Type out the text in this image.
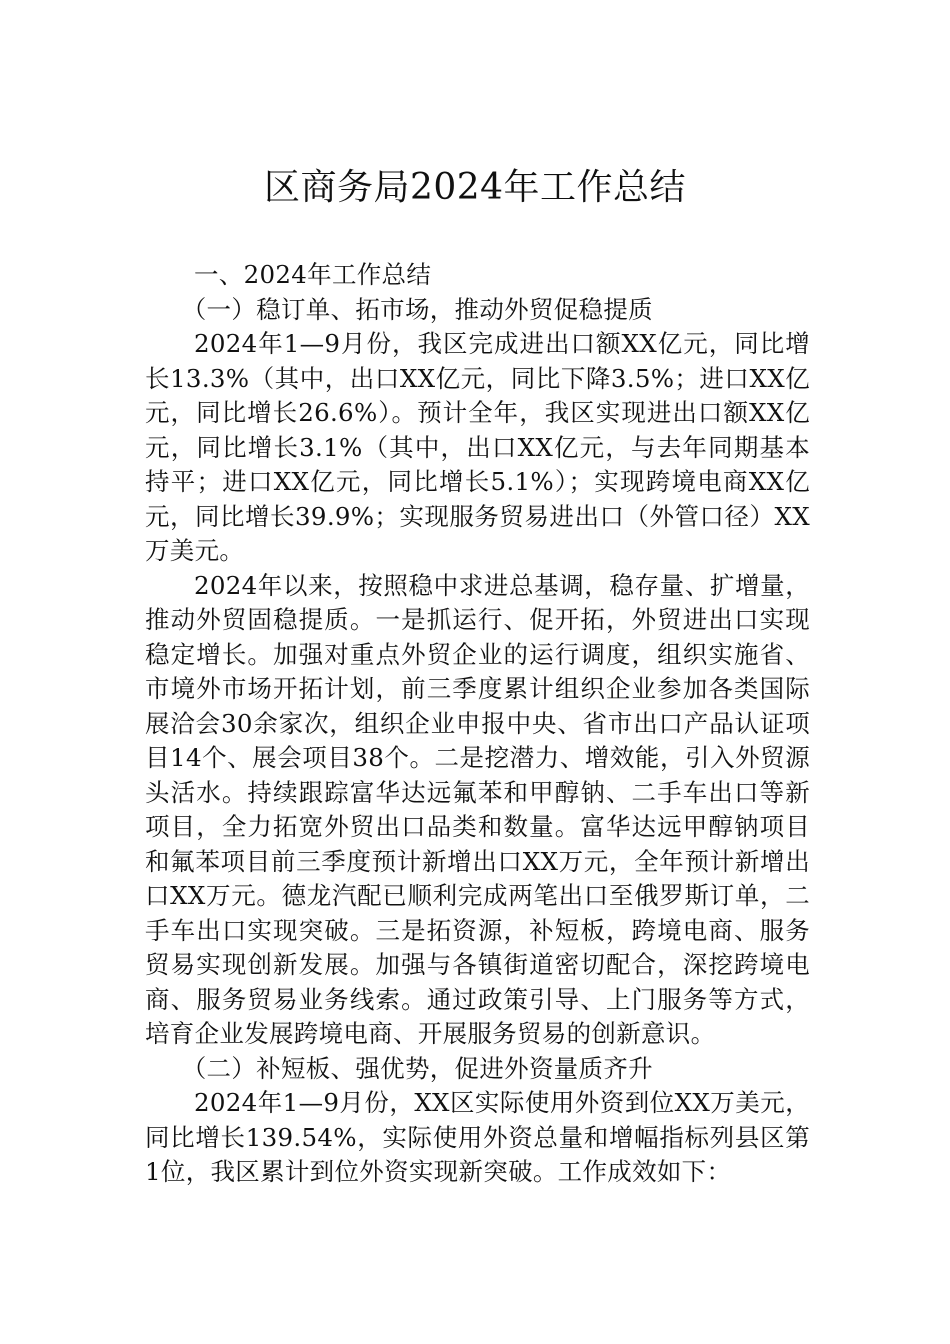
区商务局2024年工作总结

一、2024年工作总结

（一）稳订单、拓市场，推动外贸促稳提质

2024年1—9月份，我区完成进出口额XX亿元，同比增长13.3%（其中，出口XX亿元，同比下降3.5%；进口XX亿元，同比增长26.6%）。预计全年，我区实现进出口额XX亿元，同比增长3.1%（其中，出口XX亿元，与去年同期基本持平；进口XX亿元，同比增长5.1%）；实现跨境电商XX亿元，同比增长39.9%；实现服务贸易进出口（外管口径）XX万美元。

2024年以来，按照稳中求进总基调，稳存量、扩增量，推动外贸固稳提质。一是抓运行、促开拓，外贸进出口实现稳定增长。加强对重点外贸企业的运行调度，组织实施省、市境外市场开拓计划，前三季度累计组织企业参加各类国际展洽会30余家次，组织企业申报中央、省市出口产品认证项目14个、展会项目38个。二是挖潜力、增效能，引入外贸源头活水。持续跟踪富华达远氟苯和甲醇钠、二手车出口等新项目，全力拓宽外贸出口品类和数量。富华达远甲醇钠项目和氟苯项目前三季度预计新增出口XX万元，全年预计新增出口XX万元。德龙汽配已顺利完成两笔出口至俄罗斯订单，二手车出口实现突破。三是拓资源，补短板，跨境电商、服务贸易实现创新发展。加强与各镇街道密切配合，深挖跨境电商、服务贸易业务线索。通过政策引导、上门服务等方式，培育企业发展跨境电商、开展服务贸易的创新意识。

（二）补短板、强优势，促进外资量质齐升

2024年1—9月份，XX区实际使用外资到位XX万美元，同比增长139.54%，实际使用外资总量和增幅指标列县区第1位，我区累计到位外资实现新突破。工作成效如下：
